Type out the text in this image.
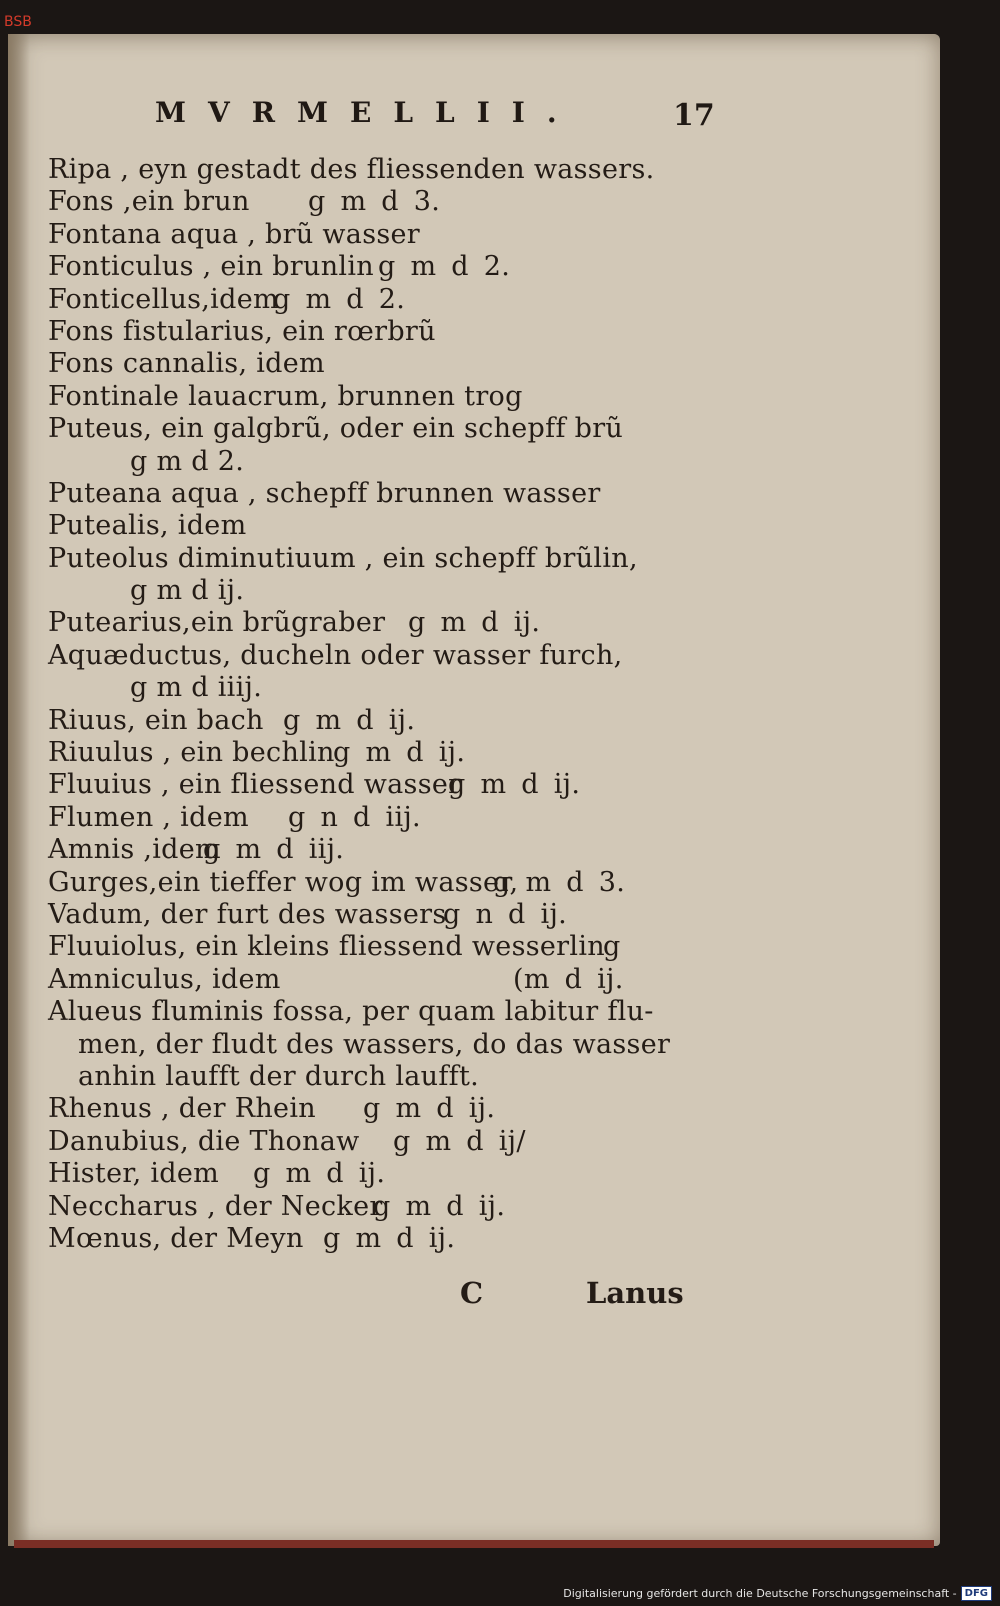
BSB
MVRMELLII.	17
Ripa , eyn gestadt des fliessenden wassers.
Fons ,ein brun g m d 3.
Fontana aqua , brũ wasser
Fonticulus , ein brunlin g m d 2.
Fonticellus,idem
g m d 2.
Fons fistularius, ein rœrbrũ
Fons cannalis, idem
Fontinale lauacrum, brunnen trog
Puteus, ein galgbrũ, oder ein schepff brũ
g m d 2.
Puteana aqua , schepff brunnen wasser
Putealis, idem
Puteolus diminutiuum , ein schepff brũlin,
g m d ij.
Putearius,ein brũgraber g m d ij.
Aquæductus, ducheln oder wasser furch,
g m d iiij.
Riuus, ein bach g m d ij.
Riuulus , ein bechlin
g m d ij.
Fluuius , ein fliessend wasser
g m d ij.
Flumen , idem g n d iij.
Amnis ,idem
g m d iij.
Gurges,ein tieffer wog im wasser,
g m d 3.
Vadum, der furt des wassers
g n d ij.
Fluuiolus, ein kleins fliessend wesserlin
g
Amniculus, idem	(m d ij.
Alueus fluminis fossa, per quam labitur flu-
men, der fludt des wassers, do das wasser
anhin laufft der durch laufft.
Rhenus , der Rhein g m d ij.
Danubius, die Thonaw g m d ij/
Hister, idem g m d ij.
Neccharus , der Necker
g m d ij.
Mœnus, der Meyn g m d ij.
C	Lanus
Digitalisierung gefördert durch die Deutsche Forschungsgemeinschaft - DFG
